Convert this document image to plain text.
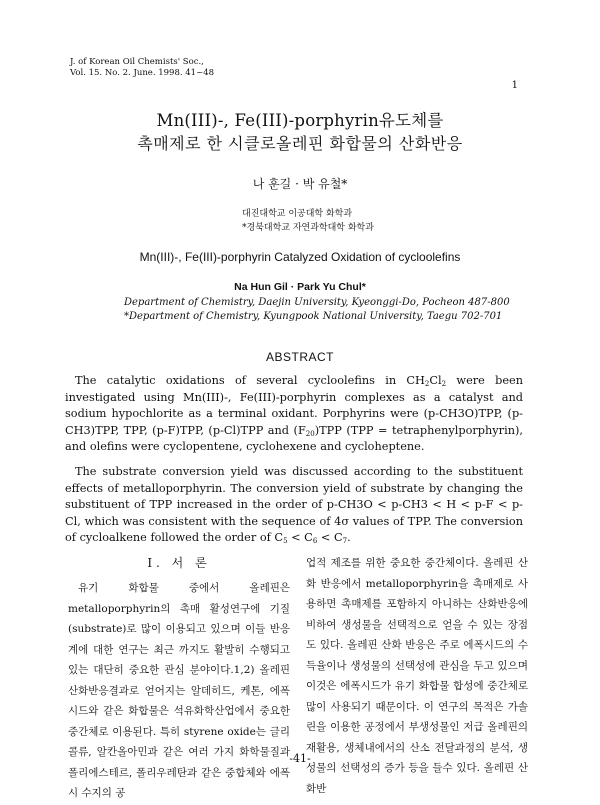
J. of Korean Oil Chemists' Soc.,
Vol. 15. No. 2. June. 1998. 41~48
1
Mn(III)-, Fe(III)-porphyrin유도체를
촉매제로 한 시클로올레핀 화합물의 산화반응
나 훈길 · 박 유철*
대진대학교 이공대학 화학과
*경북대학교 자연과학대학 화학과
Mn(III)-, Fe(III)-porphyrin Catalyzed Oxidation of cycloolefins
Na Hun Gil · Park Yu Chul*
Department of Chemistry, Daejin University, Kyeonggi-Do, Pocheon 487-800
*Department of Chemistry, Kyungpook National University, Taegu 702-701
ABSTRACT

The catalytic oxidations of several cycloolefins in $CH_2Cl_2$ were been investigated using Mn(III)-, Fe(III)-porphyrin complexes as a catalyst and sodium hypochlorite as a terminal oxidant. Porphyrins were (p-CH3O)TPP, (p-CH3)TPP, TPP, (p-F)TPP, (p-Cl)TPP and $(F_{20})TPP$ (TPP = tetraphenylporphyrin), and olefins were cyclopentene, cyclohexene and cycloheptene.

The substrate conversion yield was discussed according to the substituent effects of metalloporphyrin. The conversion yield of substrate by changing the substituent of TPP increased in the order of p-CH3O < p-CH3 < H < p-F < p-Cl, which was consistent with the sequence of 4σ values of TPP. The conversion of cycloalkene followed the order of $C_5 < C_6 < C_7$.

I. 서 론

유기 화합물 중에서 올레핀은 metalloporphyrin의 촉매 활성연구에 기질(substrate)로 많이 이용되고 있으며 이들 반응계에 대한 연구는 최근 까지도 활발히 수행되고 있는 대단히 중요한 관심 분야이다.1,2) 올레핀 산화반응결과로 얻어지는 알데히드, 케톤, 에폭시드와 같은 화합물은 석유화학산업에서 중요한 중간체로 이용된다. 특히 styrene oxide는 글리콜류, 알칸올아민과 같은 여러 가지 화학물질과 폴리에스테르, 폴리우레탄과 같은 중합체와 에폭시 수지의 공

업적 제조를 위한 중요한 중간체이다. 올레핀 산화 반응에서 metalloporphyrin을 촉매제로 사용하면 촉매제를 포함하지 아니하는 산화반응에 비하여 생성물을 선택적으로 얻을 수 있는 장점도 있다. 올레핀 산화 반응은 주로 에폭시드의 수득율이나 생성물의 선택성에 관심을 두고 있으며 이것은 에폭시드가 유기 화합물 합성에 중간체로 많이 사용되기 때문이다. 이 연구의 목적은 가솔린을 이용한 공정에서 부생성물인 저급 올레핀의 재활용, 생체내에서의 산소 전달과정의 분석, 생성물의 선택성의 증가 등을 들수 있다. 올레핀 산화반

-41-
